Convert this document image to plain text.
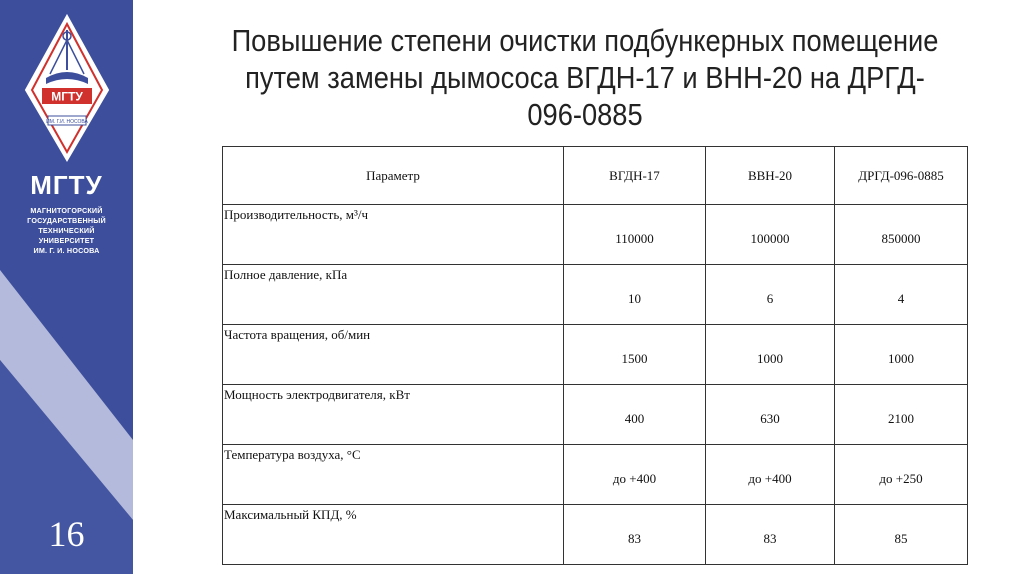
МГТУ
ИМ. Г.И. НОСОВА
МГТУ
МАГНИТОГОРСКИЙ
ГОСУДАРСТВЕННЫЙ
ТЕХНИЧЕСКИЙ
УНИВЕРСИТЕТ
ИМ. Г. И. НОСОВА
16
Повышение степени очистки подбункерных помещение
путем замены дымососа ВГДН-17 и ВНН-20 на ДРГД-
096-0885
Параметр	ВГДН-17	ВВН-20	ДРГД-096-0885
Производительность, м³/ч	110000	100000	850000
Полное давление, кПа	10	6	4
Частота вращения, об/мин	1500	1000	1000
Мощность электродвигателя, кВт	400	630	2100
Температура воздуха, °С	до +400	до +400	до +250
Максимальный КПД, %	83	83	85
